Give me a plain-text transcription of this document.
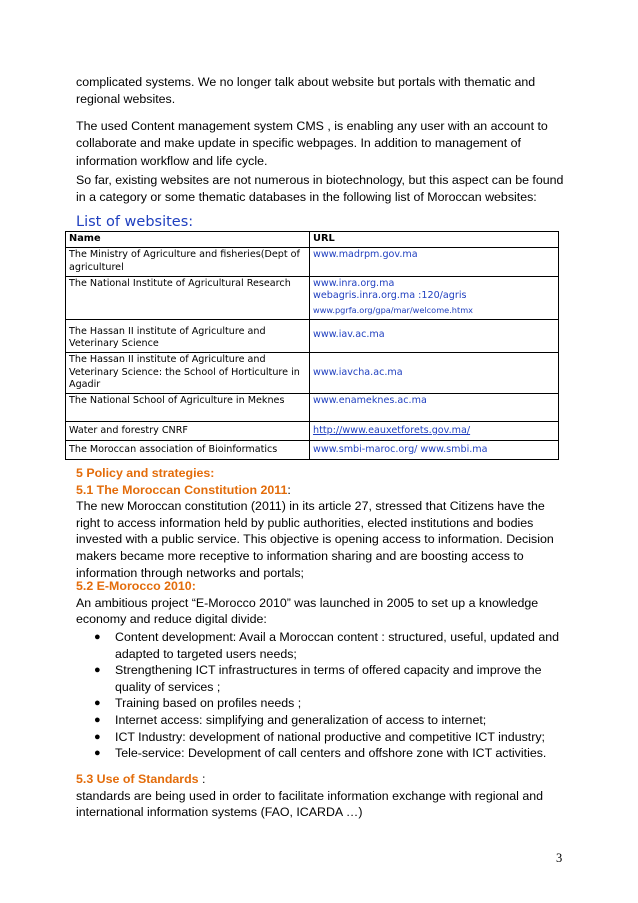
complicated systems. We no longer talk about website but portals with thematic and regional websites.

The used Content management system CMS , is enabling any user with an account to collaborate and make update in specific webpages. In addition to management of information workflow and life cycle.

So far, existing websites are not numerous in biotechnology, but this aspect can be found in a category or some thematic databases in the following list of Moroccan websites:

List of websites:
Name	URL
The Ministry of Agriculture and fisheries(Dept of agriculturel	www.madrpm.gov.ma
The National Institute of Agricultural Research	www.inra.org.ma
webagris.inra.org.ma :120/agris
www.pgrfa.org/gpa/mar/welcome.htmx

The Hassan II institute of Agriculture and Veterinary Science	www.iav.ac.ma
The Hassan II institute of Agriculture and Veterinary Science: the School of Horticulture in Agadir	www.iavcha.ac.ma
The National School of Agriculture in Meknes	www.enameknes.ac.ma
Water and forestry CNRF	http://www.eauxetforets.gov.ma/
The Moroccan association of Bioinformatics	www.smbi-maroc.org/ www.smbi.ma
5 Policy and strategies:
5.1 The Moroccan Constitution 2011:
The new Moroccan constitution (2011) in its article 27, stressed that Citizens have the right to access information held by public authorities, elected institutions and bodies invested with a public service. This objective is opening access to information. Decision makers became more receptive to information sharing and are boosting access to information through networks and portals;
5.2 E-Morocco 2010:
An ambitious project “E-Morocco 2010” was launched in 2005 to set up a knowledge economy and reduce digital divide:
● Content development: Avail a Moroccan content : structured, useful, updated and adapted to targeted users needs;
● Strengthening ICT infrastructures in terms of offered capacity and improve the quality of services ;
● Training based on profiles needs ;
● Internet access: simplifying and generalization of access to internet;
● ICT Industry: development of national productive and competitive ICT industry;
● Tele-service: Development of call centers and offshore zone with ICT activities.
5.3 Use of Standards :
standards are being used in order to facilitate information exchange with regional and international information systems (FAO, ICARDA …)
3
